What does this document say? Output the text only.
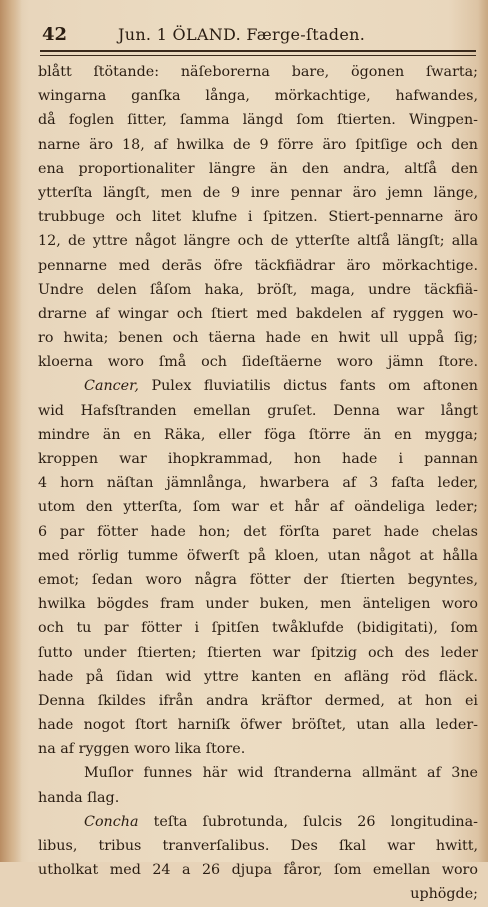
42	Jun. 1 ÖLAND. Færge-ſtaden.
blått ſtötande: näſeborerna bare, ögonen ſwarta;
wingarna ganſka långa, mörkachtige, hafwandes,
då foglen ſitter, ſamma längd ſom ſtierten. Wingpen-
narne äro 18, af hwilka de 9 förre äro ſpitſige och den
ena proportionaliter längre än den andra, altſå den
ytterſta längſt, men de 9 inre pennar äro jemn länge,
trubbuge och litet klufne i ſpitzen. Stiert-pennarne äro
12, de yttre något längre och de ytterſte altſå längſt; alla
pennarne med derās öfre täckfiädrar äro mörkachtige.
Undre delen ſåſom haka, bröſt, maga, undre täckfiä-
drarne af wingar och ſtiert med bakdelen af ryggen wo-
ro hwita; benen och täerna hade en hwit ull uppå ſig;
kloerna woro ſmå och ſideſtäerne woro jämn ſtore.
Cancer, Pulex fluviatilis dictus fants om aftonen
wid Hafsſtranden emellan gruſet. Denna war långt
mindre än en Räka, eller föga ſtörre än en mygga;
kroppen war ihopkrammad, hon hade i pannan
4 horn näſtan jämnlånga, hwarbera af 3 faſta leder,
utom den ytterſta, ſom war et hår af oändeliga leder;
6 par fötter hade hon; det förſta paret hade chelas
med rörlig tumme öfwerſt på kloen, utan något at hålla
emot; ſedan woro några fötter der ſtierten begyntes,
hwilka bögdes fram under buken, men änteligen woro
och tu par fötter i ſpitſen twåklufde (bidigitati), ſom
ſutto under ſtierten; ſtierten war ſpitzig och des leder
hade på ſidan wid yttre kanten en afläng röd fläck.
Denna ſkildes ifrån andra kräftor dermed, at hon ei
hade nogot ſtort harniſk öfwer bröſtet, utan alla leder-
na af ryggen woro lika ſtore.
Muſlor funnes här wid ſtranderna allmänt af 3ne
handa ſlag.
Concha teſta ſubrotunda, ſulcis 26 longitudina-
libus, tribus tranverſalibus. Des ſkal war hwitt,
utholkat med 24 a 26 djupa fåror, ſom emellan woro
uphögde;
